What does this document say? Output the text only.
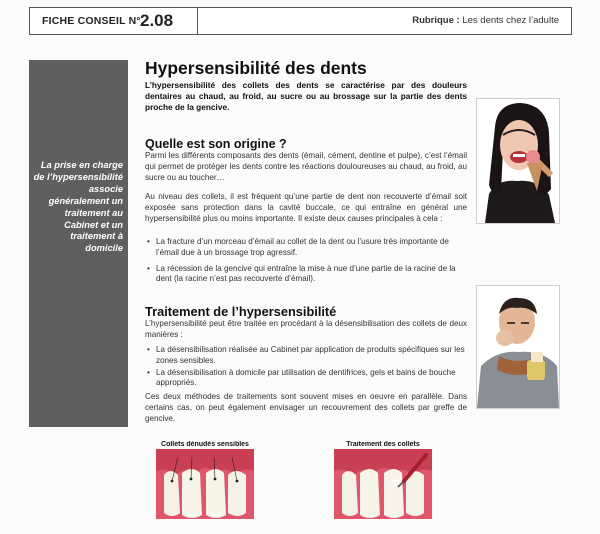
FICHE CONSEIL N° 2.08	Rubrique : Les dents chez l’adulte

La prise en charge de l’hypersensibilité associe généralement un traitement au Cabinet et un traitement à domicile

Hypersensibilité des dents

L’hypersensibilité des collets des dents se caractérise par des douleurs dentaires au chaud, au froid, au sucre ou au brossage sur la partie des dents proche de la gencive.

Quelle est son origine ?

Parmi les différents composants des dents (émail, cément, dentine et pulpe), c’est l’émail qui permet de protéger les dents contre les réactions douloureuses au chaud, au froid, au sucre ou au toucher…

Au niveau des collets, il est fréquent qu’une partie de dent non recouverte d’émail soit exposée sans protection dans la cavité buccale, ce qui entraîne en général une hypersensibilité plus ou moins importante. Il existe deux causes principales à cela :

• La fracture d’un morceau d’émail au collet de la dent ou l’usure très importante de l’émail due à un brossage trop agressif.
• La récession de la gencive qui entraîne la mise à nue d’une partie de la racine de la dent (la racine n’est pas recouverte d’émail).
Traitement de l’hypersensibilité

L’hypersensibilité peut être traitée en procédant à la désensibilisation des collets de deux manières :

• La désensibilisation réalisée au Cabinet par application de produits spécifiques sur les zones sensibles.
• La désensibilisation à domicile par utilisation de dentifrices, gels et bains de bouche appropriés.

Ces deux méthodes de traitements sont souvent mises en oeuvre en parallèle. Dans certains cas, on peut également envisager un recouvrement des collets par greffe de gencive.

Collets dénudés sensibles	Traitement des collets
